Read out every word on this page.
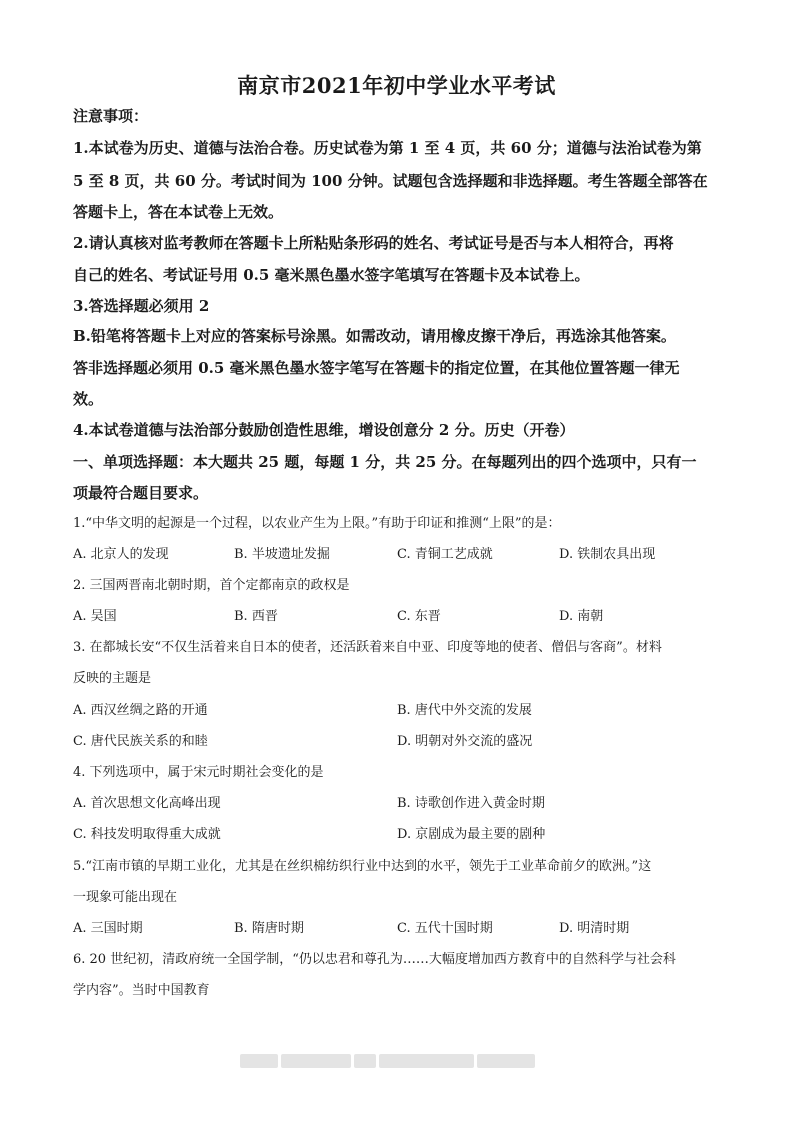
南京市2021年初中学业水平考试
注意事项：
1.本试卷为历史、道德与法治合卷。历史试卷为第 1 至 4 页，共 60 分；道德与法治试卷为第
5 至 8 页，共 60 分。考试时间为 100 分钟。试题包含选择题和非选择题。考生答题全部答在
答题卡上，答在本试卷上无效。
2.请认真核对监考教师在答题卡上所粘贴条形码的姓名、考试证号是否与本人相符合，再将
自己的姓名、考试证号用 0.5 毫米黑色墨水签字笔填写在答题卡及本试卷上。
3.答选择题必须用 2
B.铅笔将答题卡上对应的答案标号涂黑。如需改动，请用橡皮擦干净后，再选涂其他答案。
答非选择题必须用 0.5 毫米黑色墨水签字笔写在答题卡的指定位置，在其他位置答题一律无
效。
4.本试卷道德与法治部分鼓励创造性思维，增设创意分 2 分。历史（开卷）
一、单项选择题：本大题共 25 题，每题 1 分，共 25 分。在每题列出的四个选项中，只有一
项最符合题目要求。
1.“中华文明的起源是一个过程，以农业产生为上限。”有助于印证和推测“上限”的是：
A. 北京人的发现	B. 半坡遗址发掘	C. 青铜工艺成就	D. 铁制农具出现
2. 三国两晋南北朝时期，首个定都南京的政权是
A. 吴国	B. 西晋	C. 东晋	D. 南朝
3. 在都城长安“不仅生活着来自日本的使者，还活跃着来自中亚、印度等地的使者、僧侣与客商”。材料
反映的主题是
A. 西汉丝绸之路的开通	B. 唐代中外交流的发展
C. 唐代民族关系的和睦	D. 明朝对外交流的盛况
4. 下列选项中，属于宋元时期社会变化的是
A. 首次思想文化高峰出现	B. 诗歌创作进入黄金时期
C. 科技发明取得重大成就	D. 京剧成为最主要的剧种
5.“江南市镇的早期工业化，尤其是在丝织棉纺织行业中达到的水平，领先于工业革命前夕的欧洲。”这
一现象可能出现在
A. 三国时期	B. 隋唐时期	C. 五代十国时期	D. 明清时期
6. 20 世纪初，清政府统一全国学制，“仍以忠君和尊孔为……大幅度增加西方教育中的自然科学与社会科
学内容”。当时中国教育
